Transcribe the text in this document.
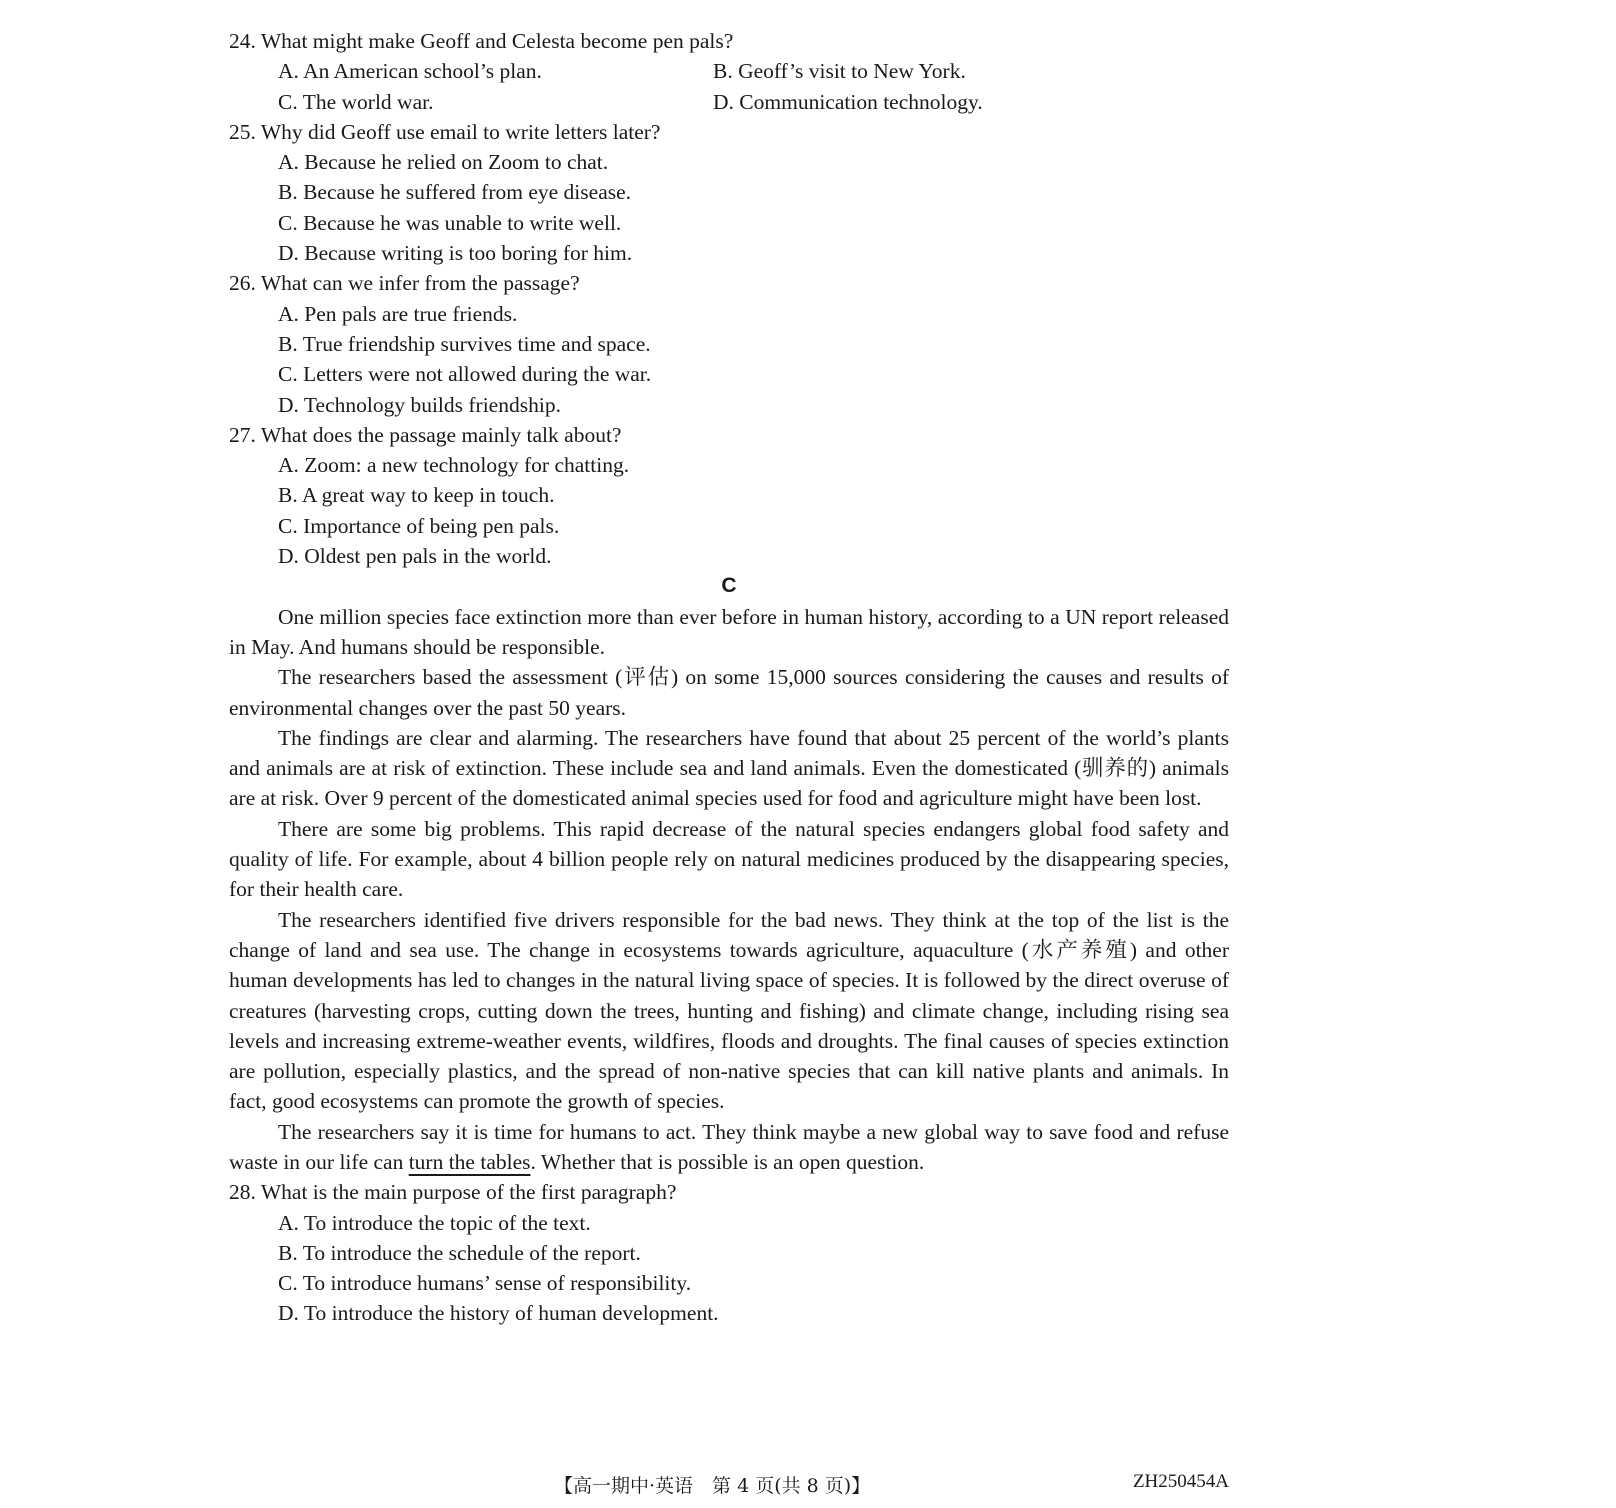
24. What might make Geoff and Celesta become pen pals?
A. An American school’s plan.	B. Geoff’s visit to New York.
C. The world war.	D. Communication technology.
25. Why did Geoff use email to write letters later?
A. Because he relied on Zoom to chat.
B. Because he suffered from eye disease.
C. Because he was unable to write well.
D. Because writing is too boring for him.
26. What can we infer from the passage?
A. Pen pals are true friends.
B. True friendship survives time and space.
C. Letters were not allowed during the war.
D. Technology builds friendship.
27. What does the passage mainly talk about?
A. Zoom: a new technology for chatting.
B. A great way to keep in touch.
C. Importance of being pen pals.
D. Oldest pen pals in the world.
C

One million species face extinction more than ever before in human history, according to a UN report released in May. And humans should be responsible.

The researchers based the assessment (评估) on some 15,000 sources considering the causes and results of environmental changes over the past 50 years.

The findings are clear and alarming. The researchers have found that about 25 percent of the world’s plants and animals are at risk of extinction. These include sea and land animals. Even the domesticated (驯养的) animals are at risk. Over 9 percent of the domesticated animal species used for food and agriculture might have been lost.

There are some big problems. This rapid decrease of the natural species endangers global food safety and quality of life. For example, about 4 billion people rely on natural medicines produced by the disappearing species, for their health care.

The researchers identified five drivers responsible for the bad news. They think at the top of the list is the change of land and sea use. The change in ecosystems towards agriculture, aquaculture (水产养殖) and other human developments has led to changes in the natural living space of species. It is followed by the direct overuse of creatures (harvesting crops, cutting down the trees, hunting and fishing) and climate change, including rising sea levels and increasing extreme-weather events, wildfires, floods and droughts. The final causes of species extinction are pollution, especially plastics, and the spread of non-native species that can kill native plants and animals. In fact, good ecosystems can promote the growth of species.

The researchers say it is time for humans to act. They think maybe a new global way to save food and refuse waste in our life can turn the tables. Whether that is possible is an open question.

28. What is the main purpose of the first paragraph?
A. To introduce the topic of the text.
B. To introduce the schedule of the report.
C. To introduce humans’ sense of responsibility.
D. To introduce the history of human development.
【高一期中·英语　第 4 页(共 8 页)】	ZH250454A
